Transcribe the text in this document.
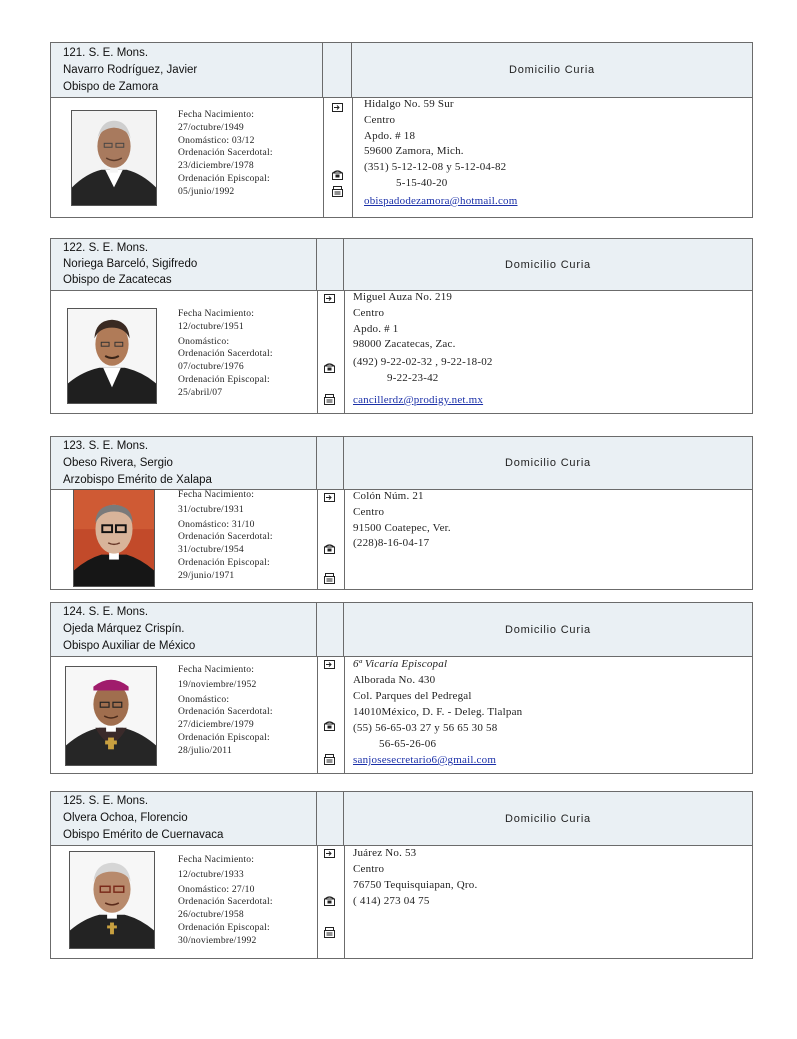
121. S. E. Mons.
Navarro Rodríguez, Javier
Obispo de Zamora
Domicilio Curia
Fecha Nacimiento:
27/octubre/1949
Onomástico: 03/12
Ordenación Sacerdotal:
23/diciembre/1978
Ordenación Episcopal:
05/junio/1992
Hidalgo No. 59 Sur
Centro
Apdo. # 18
59600 Zamora, Mich.
(351) 5-12-12-08 y 5-12-04-82
5-15-40-20
obispadodezamora@hotmail.com
122. S. E. Mons.
Noriega Barceló, Sigifredo
Obispo de Zacatecas
Domicilio Curia
Fecha Nacimiento:
12/octubre/1951
Onomástico:
Ordenación Sacerdotal:
07/octubre/1976
Ordenación Episcopal:
25/abril/07
Miguel Auza No. 219
Centro
Apdo. # 1
98000 Zacatecas, Zac.
(492) 9-22-02-32 , 9-22-18-02
9-22-23-42
cancillerdz@prodigy.net.mx
123. S. E. Mons.
Obeso Rivera, Sergio
Arzobispo Emérito de Xalapa
Domicilio Curia
Fecha Nacimiento:
31/octubre/1931
Onomástico: 31/10
Ordenación Sacerdotal:
31/octubre/1954
Ordenación Episcopal:
29/junio/1971
Colón Núm. 21
Centro
91500 Coatepec, Ver.
(228)8-16-04-17
124. S. E. Mons.
Ojeda Márquez Crispín.
Obispo Auxiliar de México
Domicilio Curia
Fecha Nacimiento:
19/noviembre/1952
Onomástico:
Ordenación Sacerdotal:
27/diciembre/1979
Ordenación Episcopal:
28/julio/2011
6ª Vicaría Episcopal
Alborada No. 430
Col. Parques del Pedregal
14010México, D. F. - Deleg. Tlalpan
(55) 56-65-03 27 y 56 65 30 58
56-65-26-06
sanjosesecretario6@gmail.com
125. S. E. Mons.
Olvera Ochoa, Florencio
Obispo Emérito de Cuernavaca
Domicilio Curia
Fecha Nacimiento:
12/octubre/1933
Onomástico: 27/10
Ordenación Sacerdotal:
26/octubre/1958
Ordenación Episcopal:
30/noviembre/1992
Juárez No. 53
Centro
76750 Tequisquiapan, Qro.
( 414) 273 04 75
